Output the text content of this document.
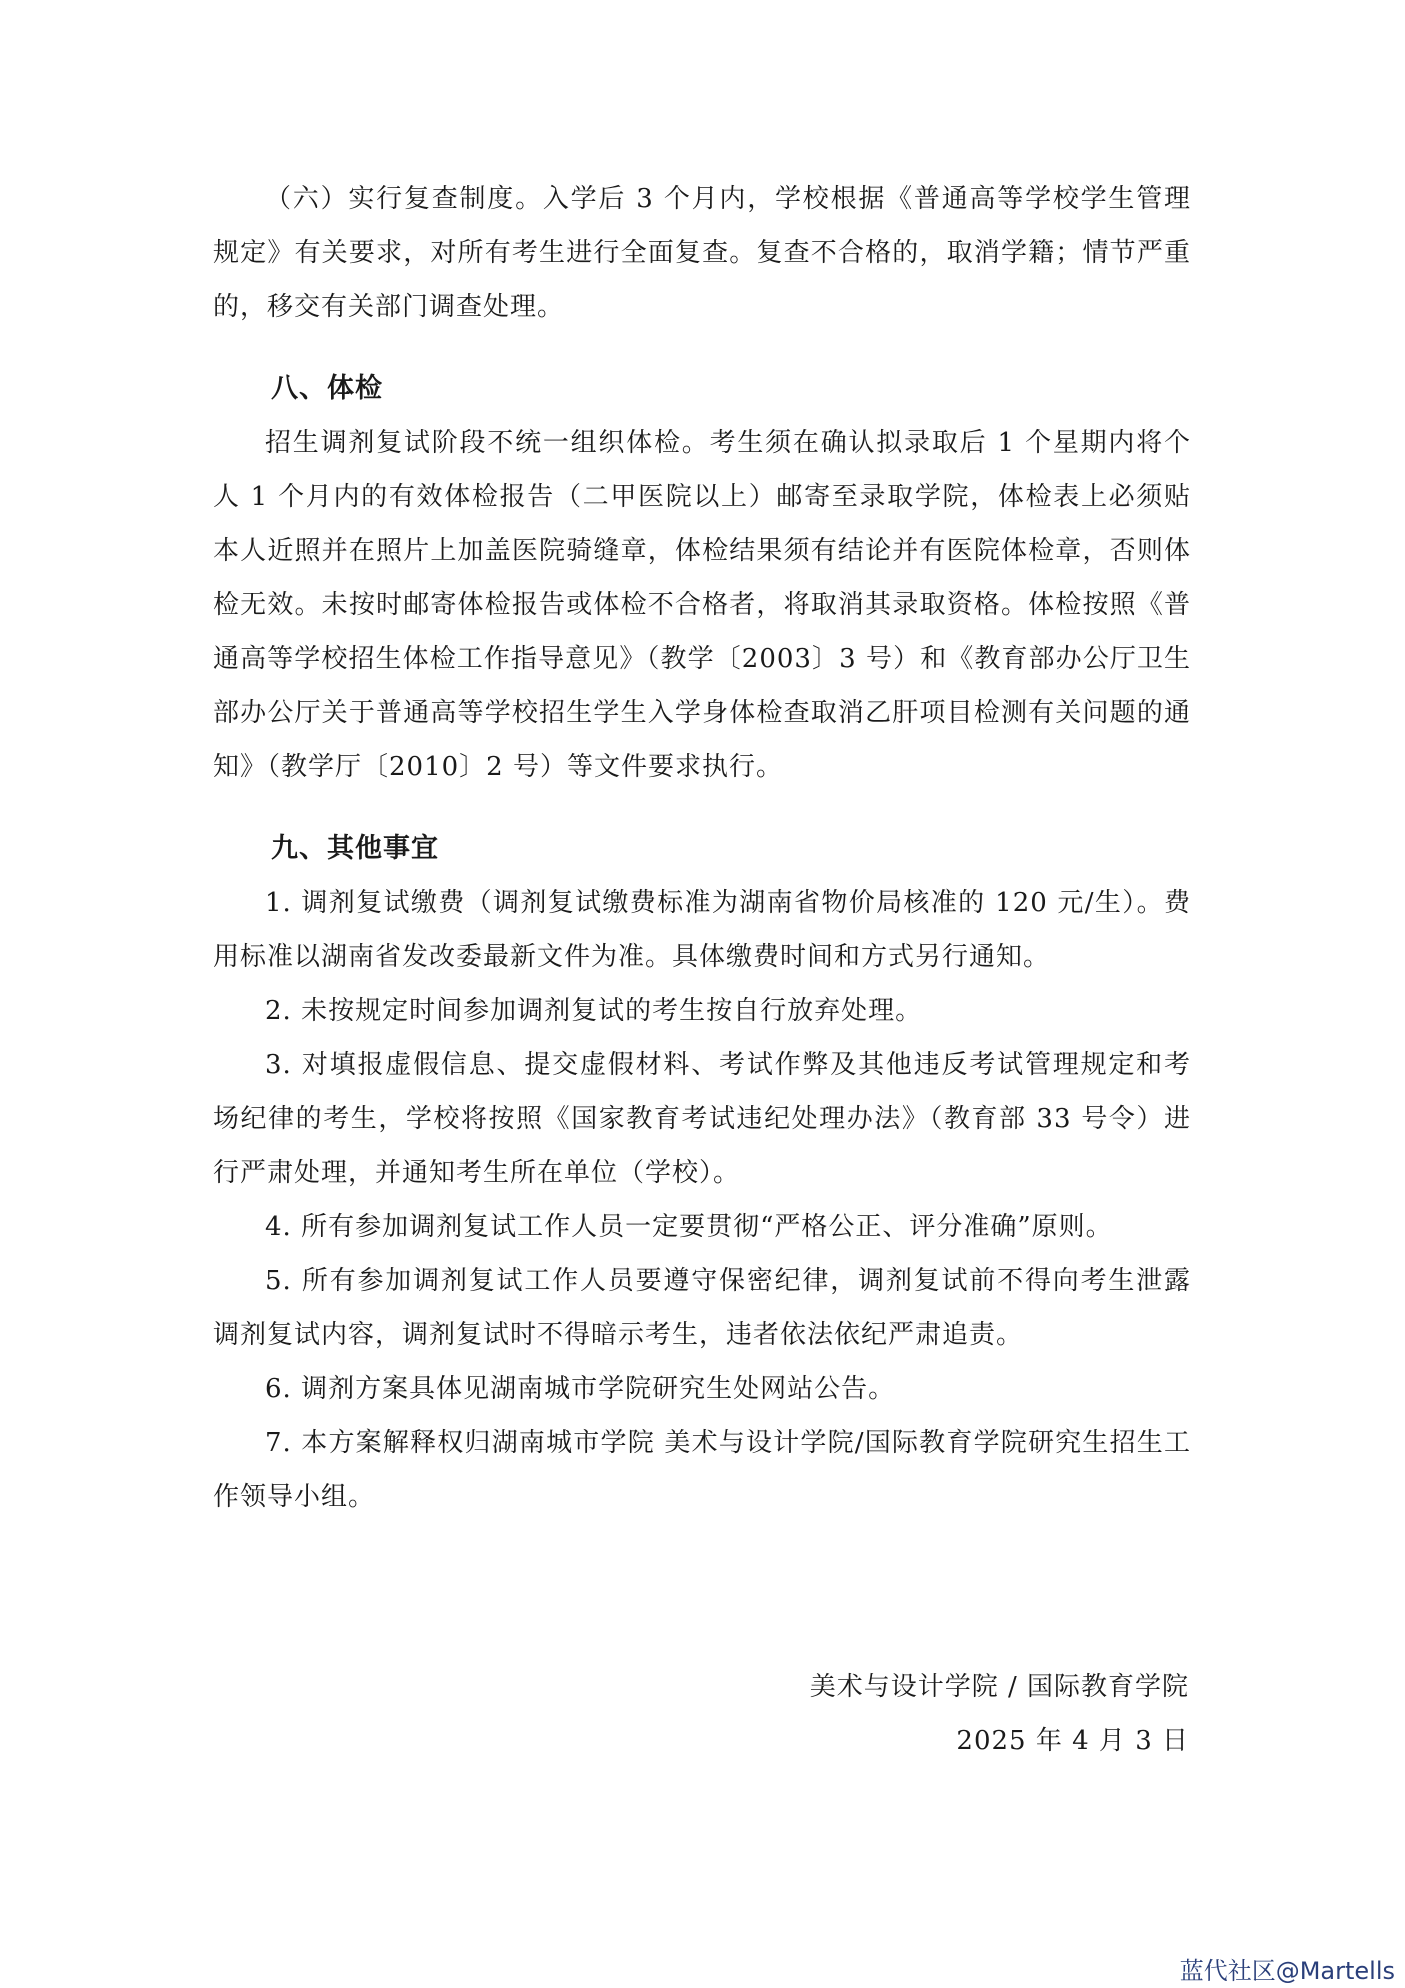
（六）实行复查制度。入学后 3 个月内，学校根据《普通高等学校学生管理规定》有关要求，对所有考生进行全面复查。复查不合格的，取消学籍；情节严重的，移交有关部门调查处理。

八、体检

招生调剂复试阶段不统一组织体检。考生须在确认拟录取后 1 个星期内将个人 1 个月内的有效体检报告（二甲医院以上）邮寄至录取学院，体检表上必须贴本人近照并在照片上加盖医院骑缝章，体检结果须有结论并有医院体检章，否则体检无效。未按时邮寄体检报告或体检不合格者，将取消其录取资格。体检按照《普通高等学校招生体检工作指导意见》（教学〔2003〕3 号）和《教育部办公厅卫生部办公厅关于普通高等学校招生学生入学身体检查取消乙肝项目检测有关问题的通知》（教学厅〔2010〕2 号）等文件要求执行。

九、其他事宜

1. 调剂复试缴费（调剂复试缴费标准为湖南省物价局核准的 120 元/生）。费用标准以湖南省发改委最新文件为准。具体缴费时间和方式另行通知。

2. 未按规定时间参加调剂复试的考生按自行放弃处理。

3. 对填报虚假信息、提交虚假材料、考试作弊及其他违反考试管理规定和考场纪律的考生，学校将按照《国家教育考试违纪处理办法》（教育部 33 号令）进行严肃处理，并通知考生所在单位（学校）。

4. 所有参加调剂复试工作人员一定要贯彻“严格公正、评分准确”原则。

5. 所有参加调剂复试工作人员要遵守保密纪律，调剂复试前不得向考生泄露调剂复试内容，调剂复试时不得暗示考生，违者依法依纪严肃追责。

6. 调剂方案具体见湖南城市学院研究生处网站公告。

7. 本方案解释权归湖南城市学院 美术与设计学院/国际教育学院研究生招生工作领导小组。

美术与设计学院 / 国际教育学院
2025 年 4 月 3 日
蓝代社区@Martells
